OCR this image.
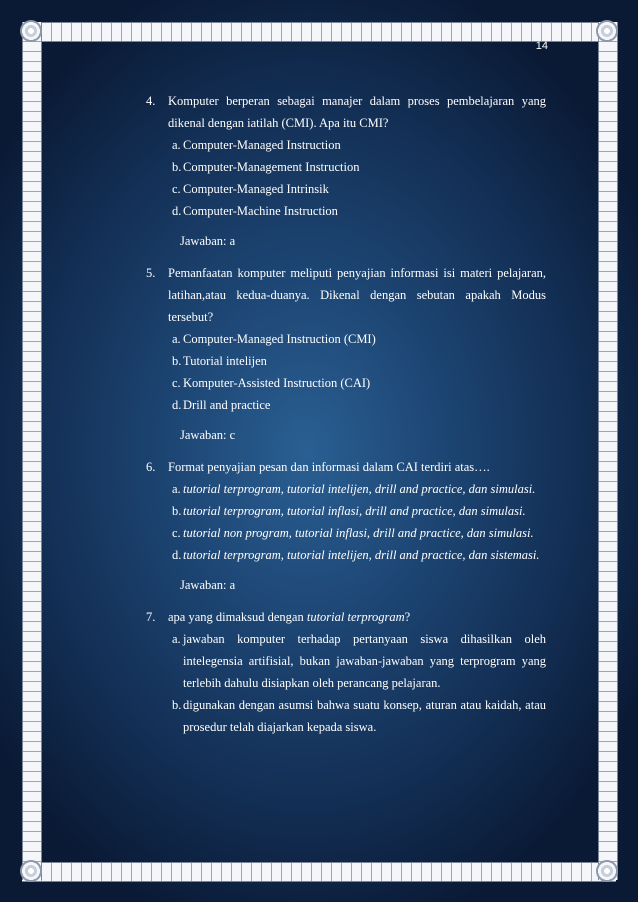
14
4.	Komputer berperan sebagai manajer dalam proses pembelajaran yang dikenal dengan iatilah (CMI). Apa itu CMI?
a. Computer-Managed Instruction
b. Computer-Management Instruction
c. Computer-Managed Intrinsik
d. Computer-Machine Instruction
Jawaban: a
5.	Pemanfaatan komputer meliputi penyajian informasi isi materi pelajaran, latihan,atau kedua-duanya. Dikenal dengan sebutan apakah Modus tersebut?
a. Computer-Managed Instruction (CMI)
b. Tutorial intelijen
c. Komputer-Assisted Instruction (CAI)
d. Drill and practice
Jawaban: c
6.	Format penyajian pesan dan informasi dalam CAI terdiri atas….
a. tutorial terprogram, tutorial intelijen, drill and practice, dan simulasi.
b. tutorial terprogram, tutorial inflasi, drill and practice, dan simulasi.
c. tutorial non program, tutorial inflasi, drill and practice, dan simulasi.
d. tutorial terprogram, tutorial intelijen, drill and practice, dan sistemasi.
Jawaban: a
7.	apa yang dimaksud dengan tutorial terprogram?
a. jawaban komputer terhadap pertanyaan siswa dihasilkan oleh intelegensia artifisial, bukan jawaban-jawaban yang terprogram yang terlebih dahulu disiapkan oleh perancang pelajaran.
b. digunakan dengan asumsi bahwa suatu konsep, aturan atau kaidah, atau prosedur telah diajarkan kepada siswa.
